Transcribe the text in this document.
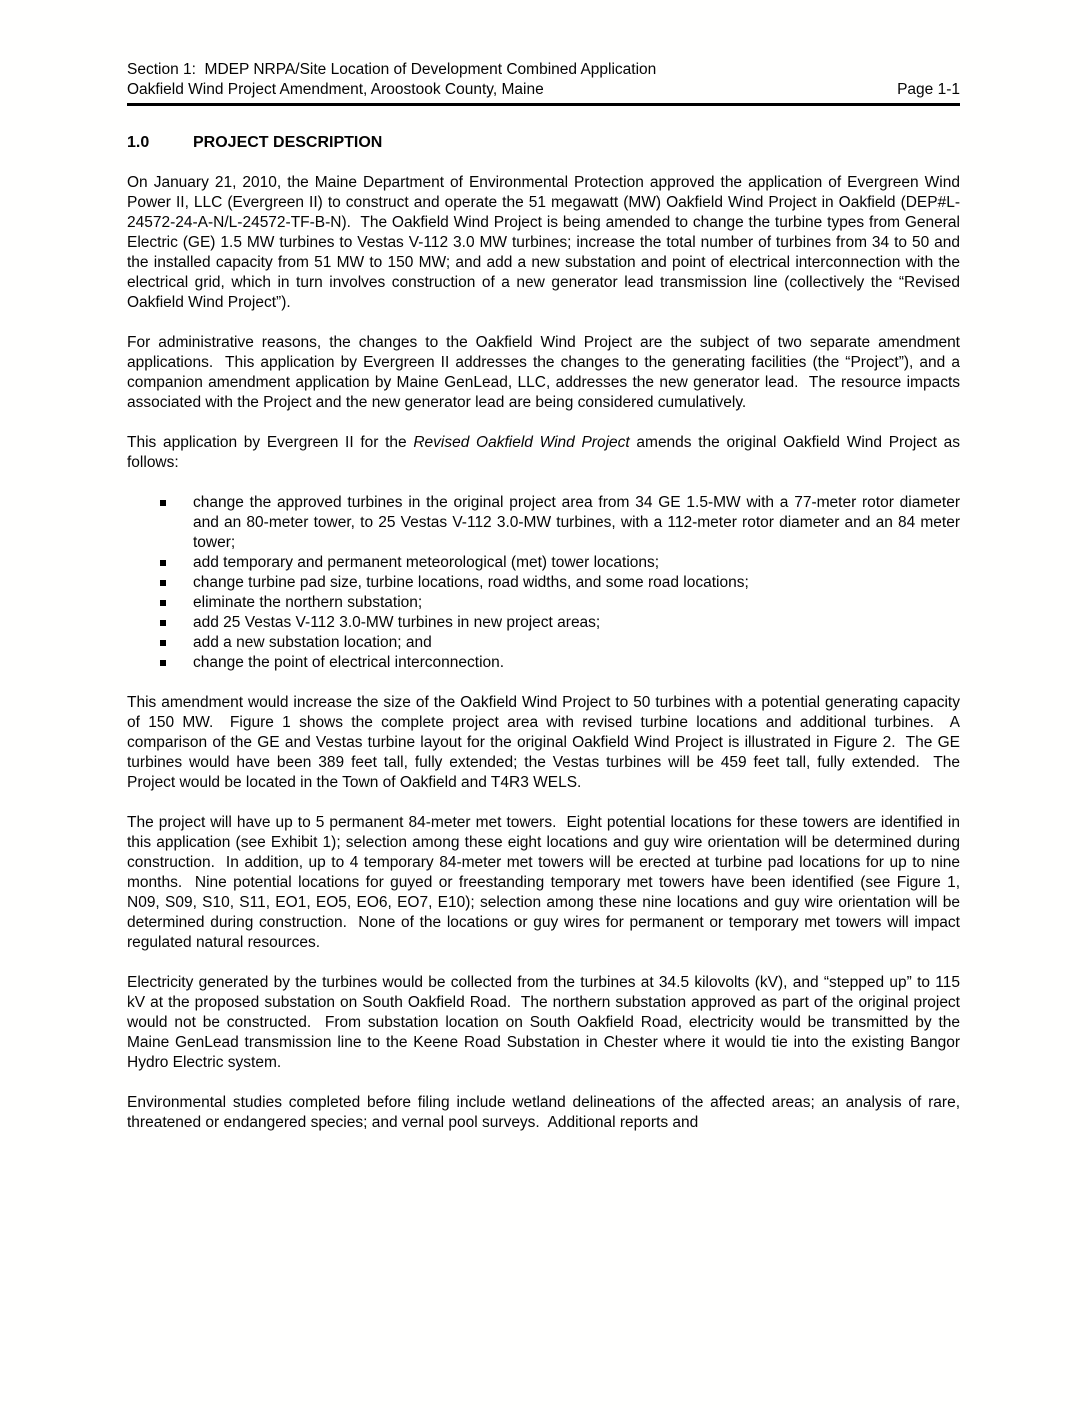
Section 1:  MDEP NRPA/Site Location of Development Combined Application
Oakfield Wind Project Amendment, Aroostook County, Maine	Page 1-1
1.0	PROJECT DESCRIPTION

On January 21, 2010, the Maine Department of Environmental Protection approved the application of Evergreen Wind Power II, LLC (Evergreen II) to construct and operate the 51 megawatt (MW) Oakfield Wind Project in Oakfield (DEP#L-24572-24-A-N/L-24572-TF-B-N).  The Oakfield Wind Project is being amended to change the turbine types from General Electric (GE) 1.5 MW turbines to Vestas V-112 3.0 MW turbines; increase the total number of turbines from 34 to 50 and the installed capacity from 51 MW to 150 MW; and add a new substation and point of electrical interconnection with the electrical grid, which in turn involves construction of a new generator lead transmission line (collectively the “Revised Oakfield Wind Project”).

For administrative reasons, the changes to the Oakfield Wind Project are the subject of two separate amendment applications.  This application by Evergreen II addresses the changes to the generating facilities (the “Project”), and a companion amendment application by Maine GenLead, LLC, addresses the new generator lead.  The resource impacts associated with the Project and the new generator lead are being considered cumulatively.

This application by Evergreen II for the Revised Oakfield Wind Project amends the original Oakfield Wind Project as follows:

change the approved turbines in the original project area from 34 GE 1.5-MW with a 77-meter rotor diameter and an 80-meter tower, to 25 Vestas V-112 3.0-MW turbines, with a 112-meter rotor diameter and an 84 meter tower;
add temporary and permanent meteorological (met) tower locations;
change turbine pad size, turbine locations, road widths, and some road locations;
eliminate the northern substation;
add 25 Vestas V-112 3.0-MW turbines in new project areas;
add a new substation location; and
change the point of electrical interconnection.

This amendment would increase the size of the Oakfield Wind Project to 50 turbines with a potential generating capacity of 150 MW.  Figure 1 shows the complete project area with revised turbine locations and additional turbines.  A comparison of the GE and Vestas turbine layout for the original Oakfield Wind Project is illustrated in Figure 2.  The GE turbines would have been 389 feet tall, fully extended; the Vestas turbines will be 459 feet tall, fully extended.  The Project would be located in the Town of Oakfield and T4R3 WELS.

The project will have up to 5 permanent 84-meter met towers.  Eight potential locations for these towers are identified in this application (see Exhibit 1); selection among these eight locations and guy wire orientation will be determined during construction.  In addition, up to 4 temporary 84-meter met towers will be erected at turbine pad locations for up to nine months.  Nine potential locations for guyed or freestanding temporary met towers have been identified (see Figure 1, N09, S09, S10, S11, EO1, EO5, EO6, EO7, E10); selection among these nine locations and guy wire orientation will be determined during construction.  None of the locations or guy wires for permanent or temporary met towers will impact regulated natural resources.

Electricity generated by the turbines would be collected from the turbines at 34.5 kilovolts (kV), and “stepped up” to 115 kV at the proposed substation on South Oakfield Road.  The northern substation approved as part of the original project would not be constructed.  From substation location on South Oakfield Road, electricity would be transmitted by the Maine GenLead transmission line to the Keene Road Substation in Chester where it would tie into the existing Bangor Hydro Electric system.

Environmental studies completed before filing include wetland delineations of the affected areas; an analysis of rare, threatened or endangered species; and vernal pool surveys.  Additional reports and
